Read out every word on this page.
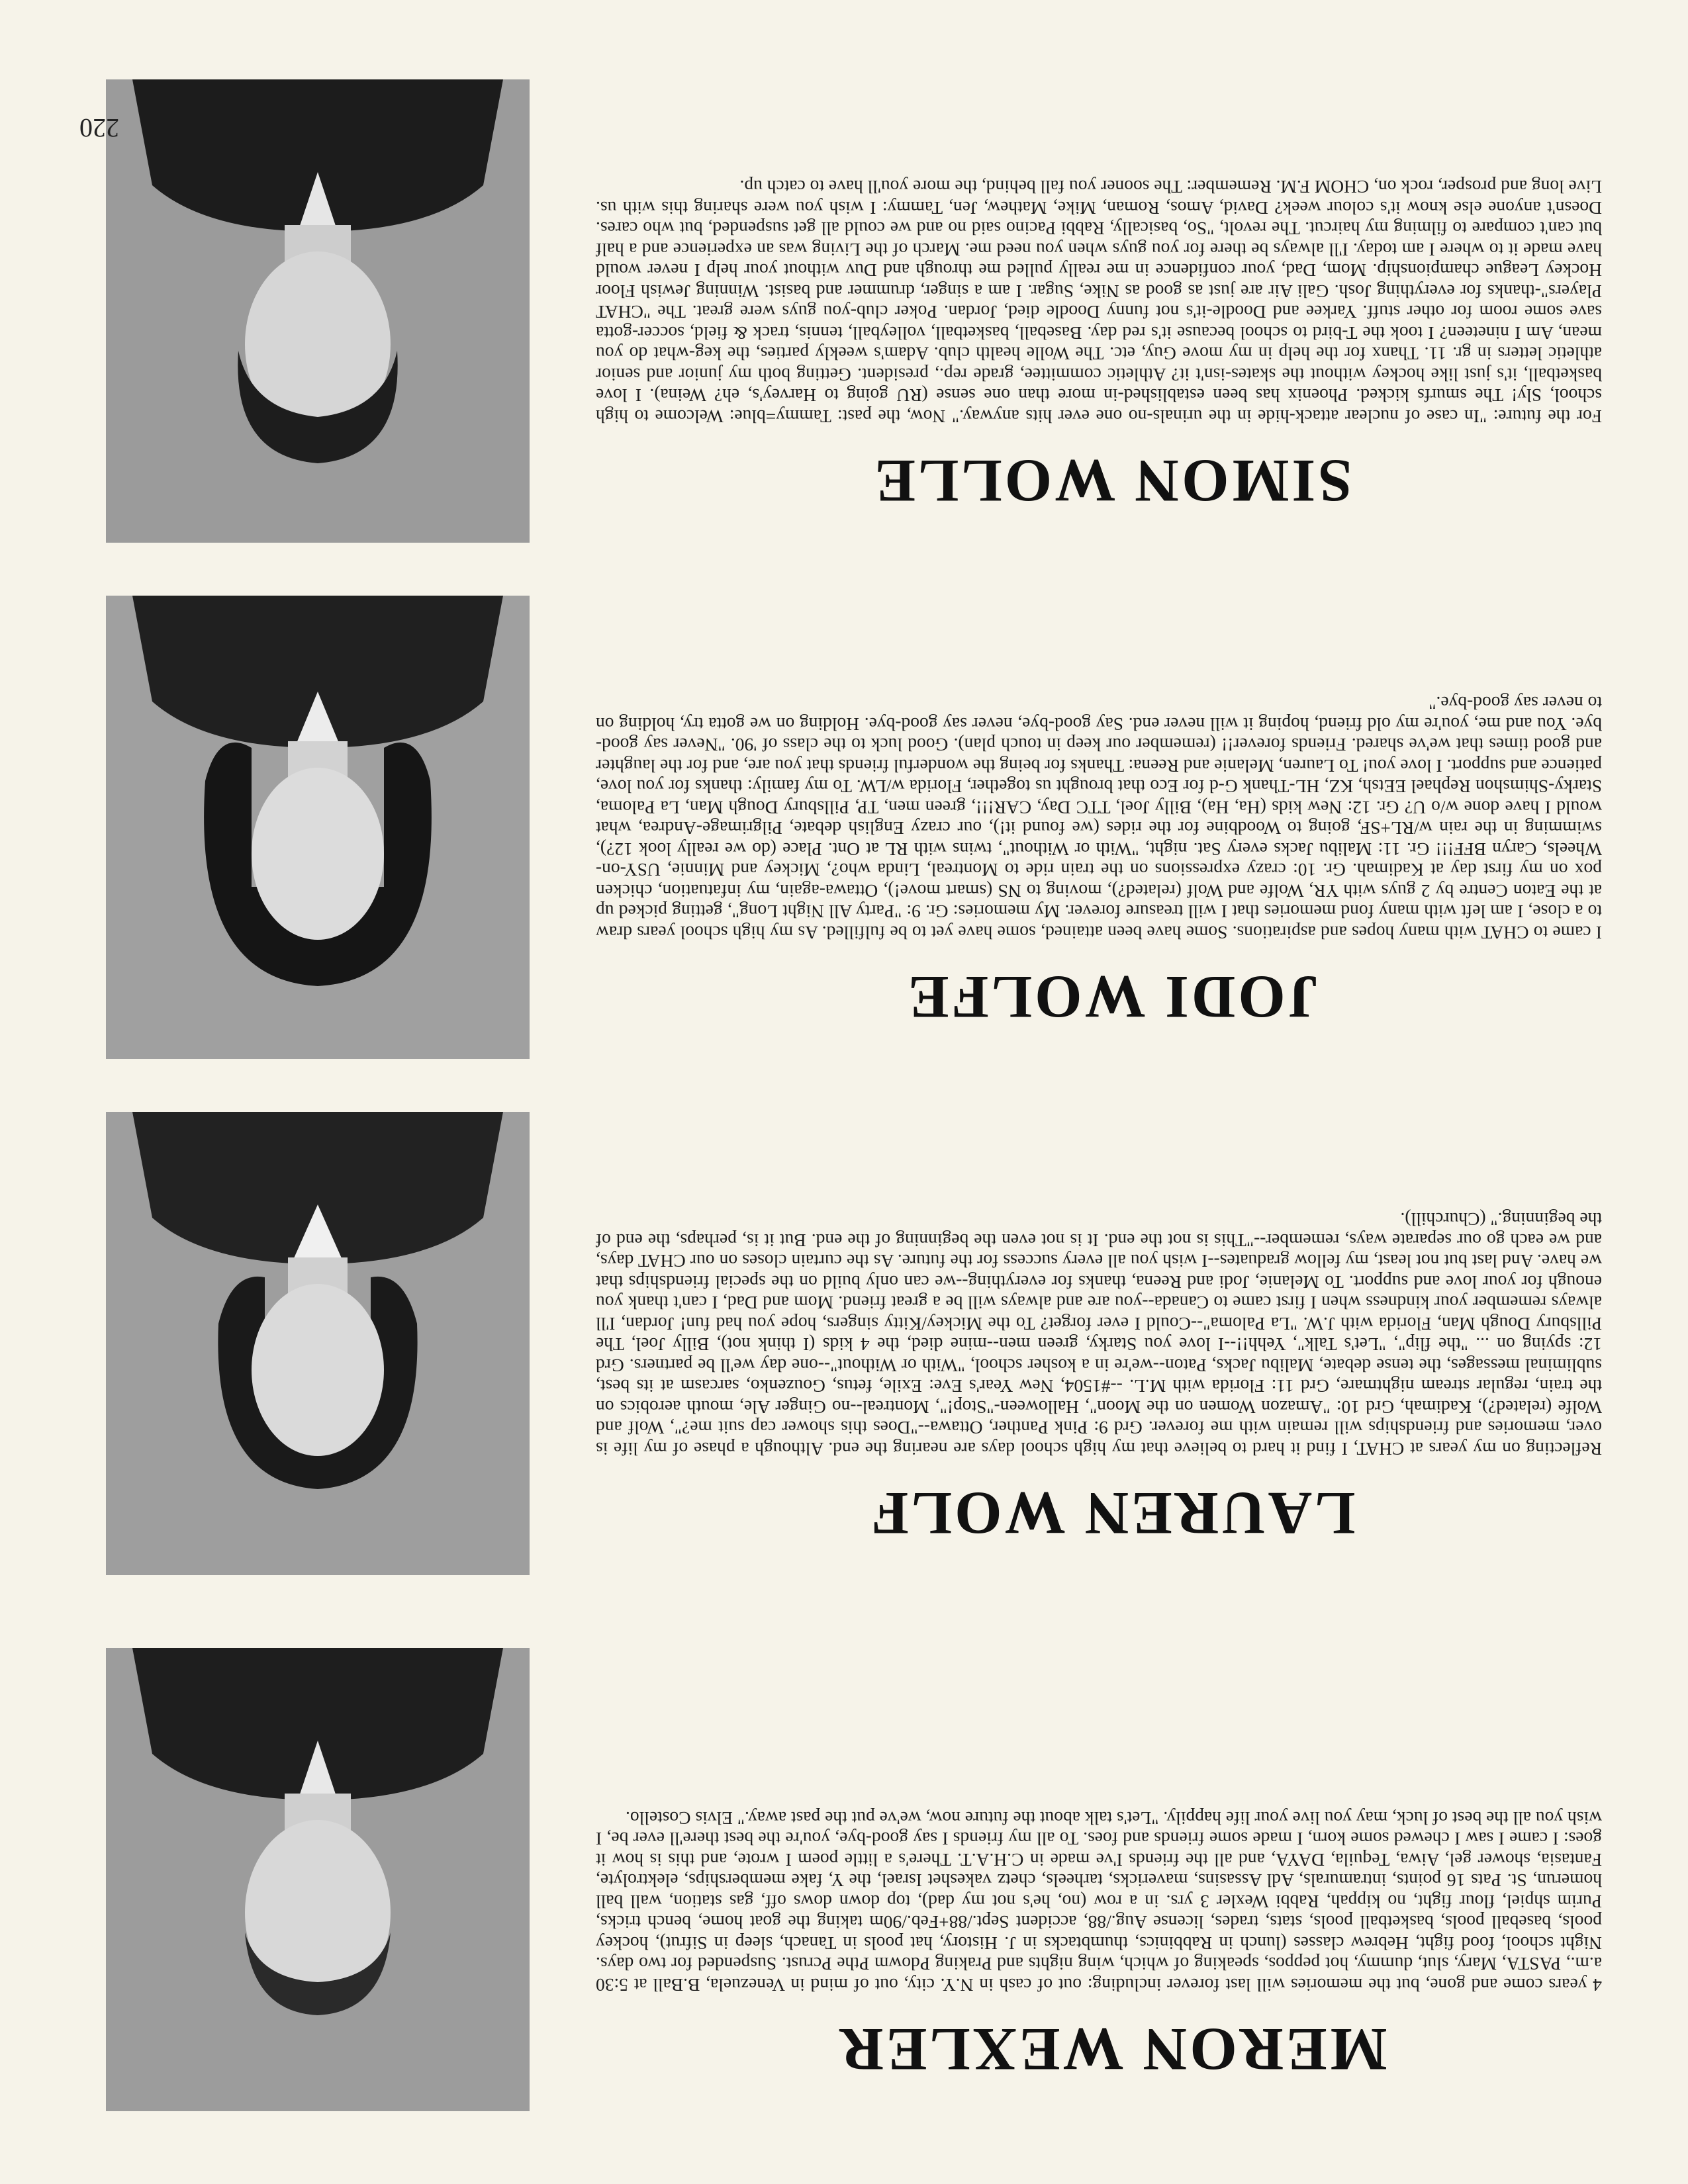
MERON WEXLER

4 years come and gone, but the memories will last forever including: out of cash in N.Y. city, out of mind in Venezuela, B.Ball at 5:30 a.m., PASTA, Mary, slut, dummy, hot peppos, speaking of which, wing nights and Praking Pdowm Pthe Pcrust. Suspended for two days. Night school, food fight, Hebrew classes (lunch in Rabbinics, thumbtacks in J. History, hat pools in Tanach, sleep in Sifrut), hockey pools, baseball pools, basketball pools, stats, trades, license Aug./88, accident Sept./88+Feb./90m taking the goat home, bench tricks, Purim shpiel, flour fight, no kippah, Rabbi Wexler 3 yrs. in a row (no, he's not my dad), top down dows off, gas station, wall ball homerun, St. Pats 16 points, intramurals, Adl Assasins, mavericks, tarheels, chetz vakeshet Israel, the Y, fake memberships, elektrolyte, Fantasia, shower gel, Aiwa, Tequila, DAYA, and all the friends I've made in C.H.A.T. There's a little poem I wrote, and this is how it goes: I came I saw I chewed some korn, I made some friends and foes. To all my friends I say good-bye, you're the best there'll ever be, I wish you all the best of luck, may you live your life happily. "Let's talk about the future now, we've put the past away." Elvis Costello.

LAUREN WOLF

Reflecting on my years at CHAT, I find it hard to believe that my high school days are nearing the end. Although a phase of my life is over, memories and friendships will remain with me forever. Grd 9: Pink Panther, Ottawa--"Does this shower cap suit me?", Wolf and Wolfe (related?), Kadimah, Grd 10: "Amazon Women on the Moon", Halloween-"Stop!", Montreal--no Ginger Ale, mouth aerobics on the train, regular stream nightmare, Grd 11: Florida with M.L. --#1504, New Year's Eve: Exile, fetus, Gouzenko, sarcasm at its best, subliminal messages, the tense debate, Malibu Jacks, Paton--we're in a kosher school, "With or Without"--one day we'll be partners. Grd 12: spying on ... "the flip", "Let's Talk", Yehh!!--I love you Starky, green men--mine died, the 4 kids (I think not), Billy Joel, The Pillsbury Dough Man, Florida with J.W. "La Paloma"--Could I ever forget? To the Mickey/Kitty singers, hope you had fun! Jordan, I'll always remember your kindness when I first came to Canada--you are and always will be a great friend. Mom and Dad, I can't thank you enough for your love and support. To Melanie, Jodi and Reena, thanks for everything--we can only build on the special friendships that we have. And last but not least, my fellow graduates--I wish you all every success for the future. As the curtain closes on our CHAT days, and we each go our separate ways, remember--"This is not the end. It is not even the beginning of the end. But it is, perhaps, the end of the beginning." (Churchill).

JODI WOLFE

I came to CHAT with many hopes and aspirations. Some have been attained, some have yet to be fulfilled. As my high school years draw to a close, I am left with many fond memories that I will treasure forever. My memories: Gr. 9: "Party All Night Long", getting picked up at the Eaton Centre by 2 guys with YR, Wolfe and Wolf (related?), moving to NS (smart move!), Ottawa-again, my infatuation, chicken pox on my first day at Kadimah. Gr. 10: crazy expressions on the train ride to Montreal, Linda who?, Mickey and Minnie, USY-on-Wheels, Caryn BFF!!! Gr. 11: Malibu Jacks every Sat. night, "With or Without", twins with RL at Ont. Place (do we really look 12?), swimming in the rain w/RL+SF, going to Woodbine for the rides (we found it!), our crazy English debate, Pilgrimage-Andrea, what would I have done w/o U? Gr. 12: New kids (Ha, Ha), Billy Joel, TTC Day, CAR!!!, green men, TP, Pillsbury Dough Man, La Paloma, Starky-Shimshon Rephael EEtsh, KZ, HL-Thank G-d for Eco that brought us together, Florida w/LW. To my family: thanks for you love, patience and support. I love you! To Lauren, Melanie and Reena: Thanks for being the wonderful friends that you are, and for the laughter and good times that we've shared. Friends forever!! (remember our keep in touch plan). Good luck to the class of '90. "Never say good-bye. You and me, you're my old friend, hoping it will never end. Say good-bye, never say good-bye. Holding on we gotta try, holding on to never say good-bye."

SIMON WOLLE

For the future: "In case of nuclear attack-hide in the urinals-no one ever hits anyway." Now, the past: Tammy=blue: Welcome to high school, Sly! The smurfs kicked. Phoenix has been established-in more than one sense (RU going to Harvey's, eh? Weina). I love basketball, it's just like hockey without the skates-isn't it? Athletic committee, grade rep., president. Getting both my junior and senior athletic letters in gr. 11. Thanx for the help in my move Guy, etc. The Wolle health club. Adam's weekly parties, the keg-what do you mean, Am I nineteen? I took the T-bird to school because it's red day. Baseball, basketball, volleyball, tennis, track & field, soccer-gotta save some room for other stuff. Yarkee and Doodle-it's not funny Doodle died, Jordan. Poker club-you guys were great. The "CHAT Players"-thanks for everything Josh. Gali Air are just as good as Nike, Sugar. I am a singer, drummer and basist. Winning Jewish Floor Hockey League championship. Mom, Dad, your confidence in me really pulled me through and Duv without your help I never would have made it to where I am today. I'll always be there for you guys when you need me. March of the Living was an experience and a half but can't compare to filming my haircut. The revolt, "So, basically, Rabbi Pacino said no and we could all get suspended, but who cares. Doesn't anyone else know it's colour week? David, Amos, Roman, Mike, Mathew, Jen, Tammy: I wish you were sharing this with us. Live long and prosper, rock on, CHOM F.M. Remember: The sooner you fall behind, the more you'll have to catch up.

220
